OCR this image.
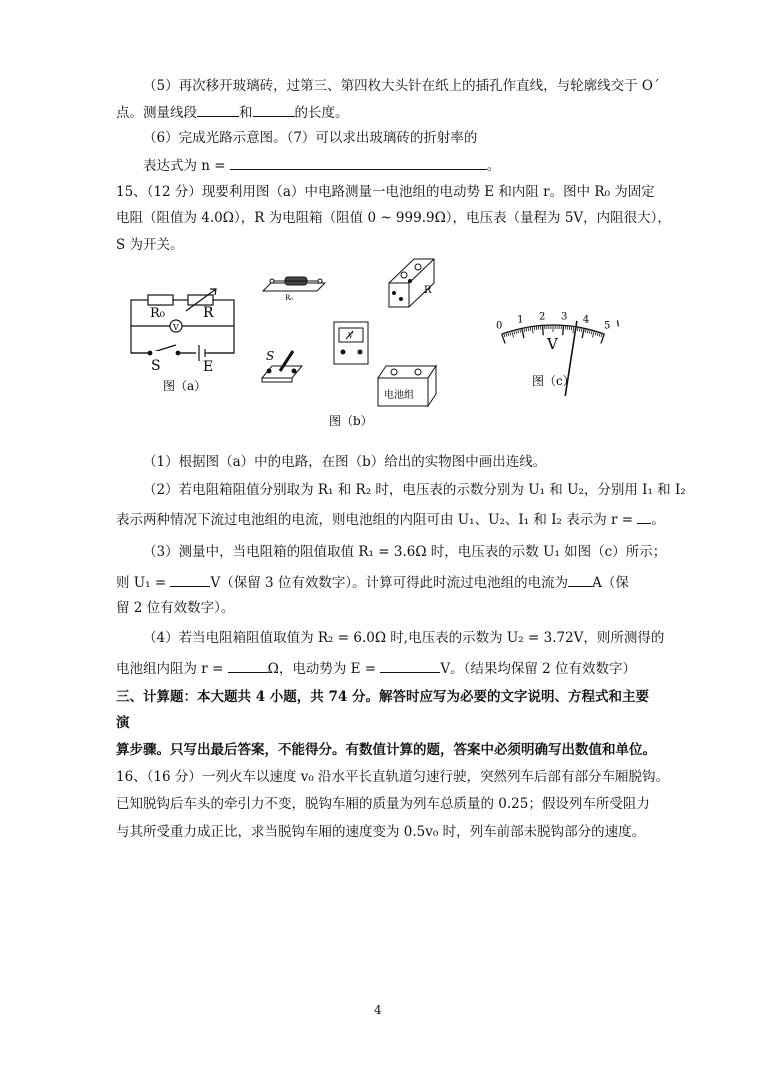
（5）再次移开玻璃砖，过第三、第四枚大头针在纸上的插孔作直线，与轮廓线交于 O´
点。测量线段	和	的长度。
（6）完成光路示意图。（7）可以求出玻璃砖的折射率的
表达式为 n =	。
15、（12 分）现要利用图（a）中电路测量一电池组的电动势 E 和内阻 r。图中 R₀ 为固定
电阻（阻值为 4.0Ω），R 为电阻箱（阻值 0 ~ 999.9Ω），电压表（量程为 5V，内阻很大），
S 为开关。
R₀	R
V
S	E
图（a）
R₀
R
V
S
电池组
图（b）
0
1 2 3 4
5
V
图（c）
（1）根据图（a）中的电路，在图（b）给出的实物图中画出连线。
（2）若电阻箱阻值分别取为 R₁ 和 R₂ 时，电压表的示数分别为 U₁ 和 U₂，分别用 I₁ 和 I₂
表示两种情况下流过电池组的电流，则电池组的内阻可由 U₁、U₂、I₁ 和 I₂ 表示为 r = 。
（3）测量中，当电阻箱的阻值取值 R₁ = 3.6Ω 时，电压表的示数 U₁ 如图（c）所示；
则 U₁ =	V（保留 3 位有效数字）。计算可得此时流过电池组的电流为 A（保
留 2 位有效数字）。
（4）若当电阻箱阻值取值为 R₂ = 6.0Ω 时,电压表的示数为 U₂ = 3.72V，则所测得的
电池组内阻为 r =	Ω，电动势为 E =	V。（结果均保留 2 位有效数字）
三、计算题：本大题共 4 小题，共 74 分。解答时应写为必要的文字说明、方程式和主要
演
算步骤。只写出最后答案，不能得分。有数值计算的题，答案中必须明确写出数值和单位。
16、（16 分）一列火车以速度 v₀ 沿水平长直轨道匀速行驶，突然列车后部有部分车厢脱钩。
已知脱钩后车头的牵引力不变，脱钩车厢的质量为列车总质量的 0.25；假设列车所受阻力
与其所受重力成正比，求当脱钩车厢的速度变为 0.5v₀ 时，列车前部未脱钩部分的速度。
4
